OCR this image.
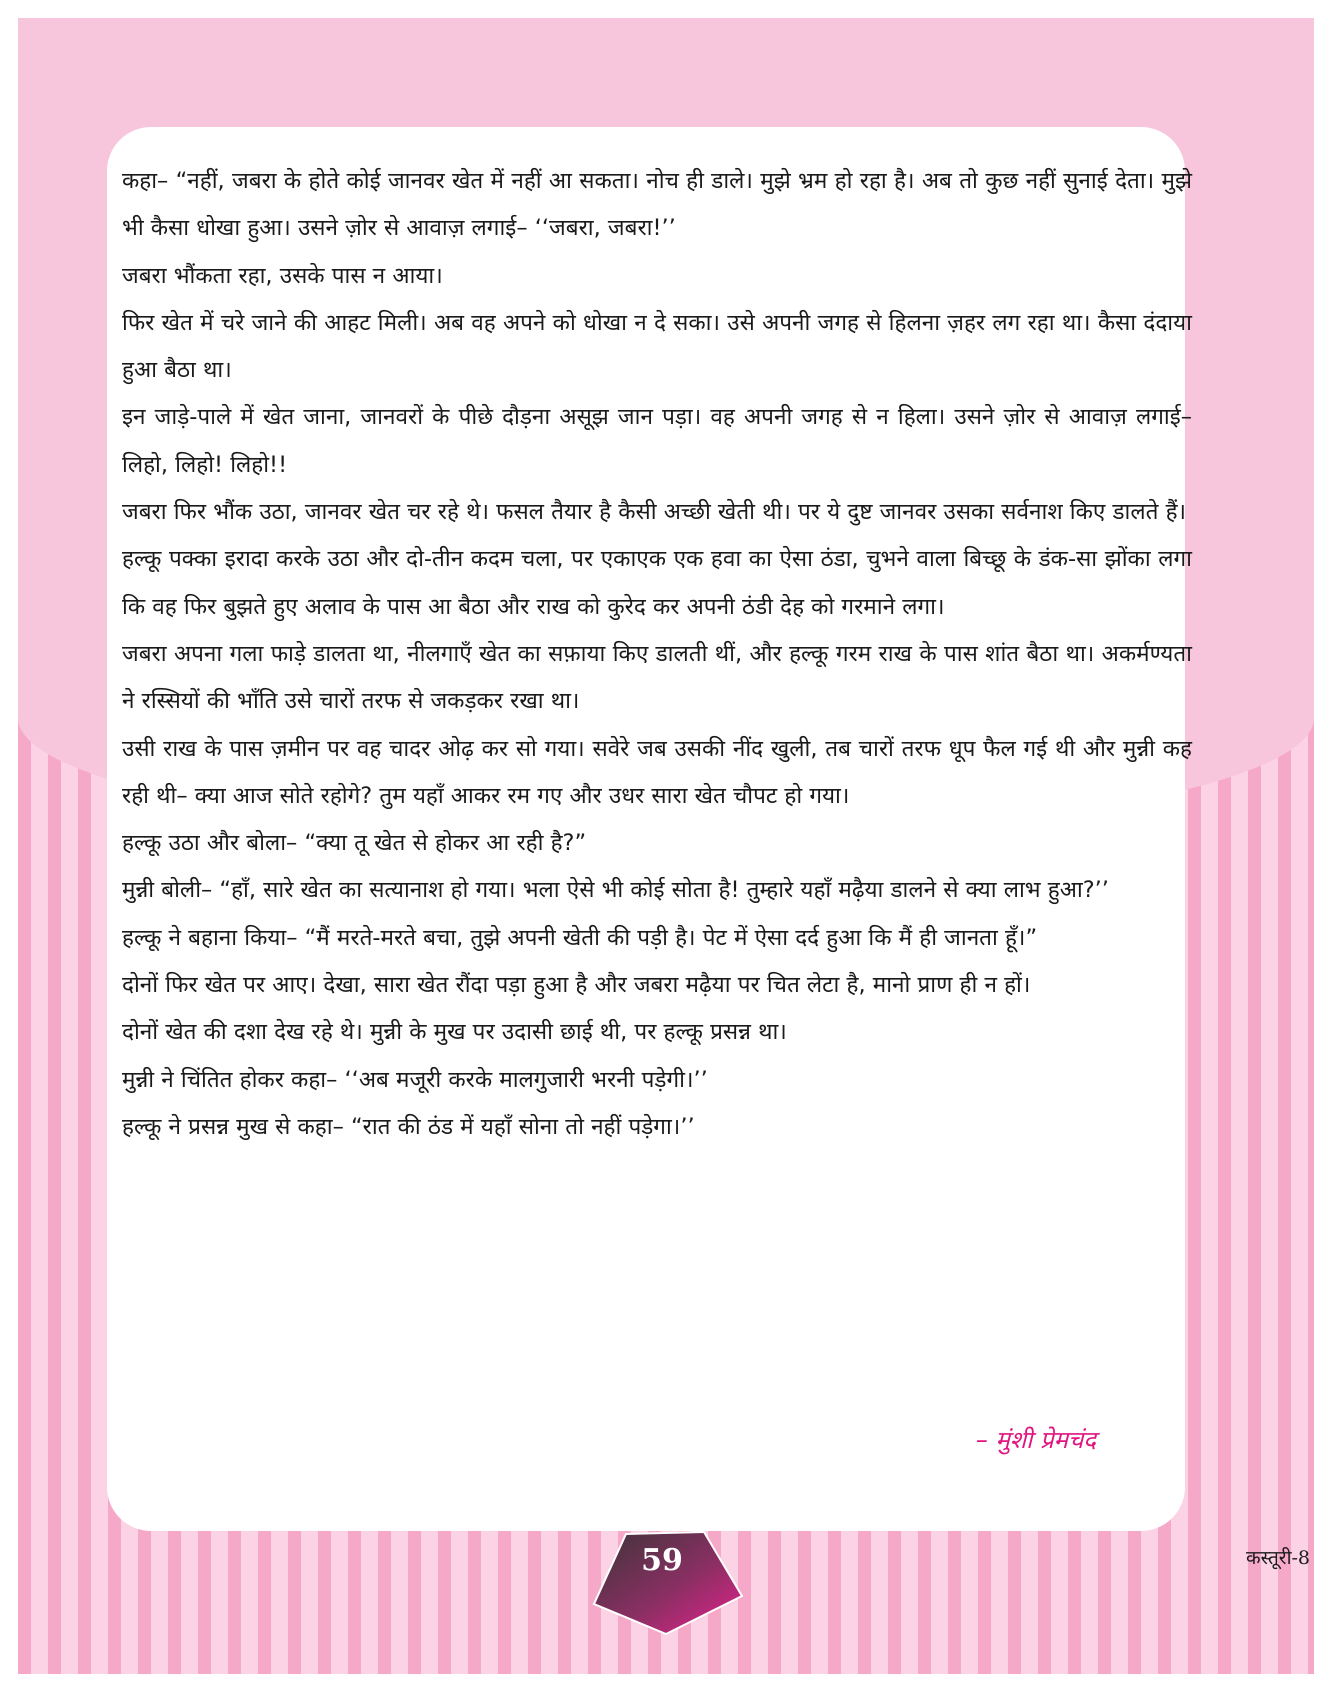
कहा– “नहीं, जबरा के होते कोई जानवर खेत में नहीं आ सकता। नोच ही डाले। मुझे भ्रम हो रहा है। अब तो कुछ नहीं सुनाई देता। मुझे भी कैसा धोखा हुआ। उसने ज़ोर से आवाज़ लगाई– ‘‘जबरा, जबरा!’’

जबरा भौंकता रहा, उसके पास न आया।

फिर खेत में चरे जाने की आहट मिली। अब वह अपने को धोखा न दे सका। उसे अपनी जगह से हिलना ज़हर लग रहा था। कैसा दंदाया हुआ बैठा था।

इन जाड़े-पाले में खेत जाना, जानवरों के पीछे दौड़ना असूझ जान पड़ा। वह अपनी जगह से न हिला। उसने ज़ोर से आवाज़ लगाई– लिहो, लिहो! लिहो!!

जबरा फिर भौंक उठा, जानवर खेत चर रहे थे। फसल तैयार है कैसी अच्छी खेती थी। पर ये दुष्ट जानवर उसका सर्वनाश किए डालते हैं।

हल्कू पक्का इरादा करके उठा और दो-तीन कदम चला, पर एकाएक एक हवा का ऐसा ठंडा, चुभने वाला बिच्छू के डंक-सा झोंका लगा कि वह फिर बुझते हुए अलाव के पास आ बैठा और राख को कुरेद कर अपनी ठंडी देह को गरमाने लगा।

जबरा अपना गला फाड़े डालता था, नीलगाएँ खेत का सफ़ाया किए डालती थीं, और हल्कू गरम राख के पास शांत बैठा था। अकर्मण्यता ने रस्सियों की भाँति उसे चारों तरफ से जकड़कर रखा था।

उसी राख के पास ज़मीन पर वह चादर ओढ़ कर सो गया। सवेरे जब उसकी नींद खुली, तब चारों तरफ धूप फैल गई थी और मुन्नी कह रही थी– क्या आज सोते रहोगे? तुम यहाँ आकर रम गए और उधर सारा खेत चौपट हो गया।

हल्कू उठा और बोला– “क्या तू खेत से होकर आ रही है?”

मुन्नी बोली– “हाँ, सारे खेत का सत्यानाश हो गया। भला ऐसे भी कोई सोता है! तुम्हारे यहाँ मढ़ैया डालने से क्या लाभ हुआ?’’

हल्कू ने बहाना किया– “मैं मरते-मरते बचा, तुझे अपनी खेती की पड़ी है। पेट में ऐसा दर्द हुआ कि मैं ही जानता हूँ।”

दोनों फिर खेत पर आए। देखा, सारा खेत रौंदा पड़ा हुआ है और जबरा मढ़ैया पर चित लेटा है, मानो प्राण ही न हों।

दोनों खेत की दशा देख रहे थे। मुन्नी के मुख पर उदासी छाई थी, पर हल्कू प्रसन्न था।

मुन्नी ने चिंतित होकर कहा– ‘‘अब मजूरी करके मालगुजारी भरनी पड़ेगी।’’

हल्कू ने प्रसन्न मुख से कहा– “रात की ठंड में यहाँ सोना तो नहीं पड़ेगा।’’

– मुंशी प्रेमचंद
59	कस्तूरी-8
